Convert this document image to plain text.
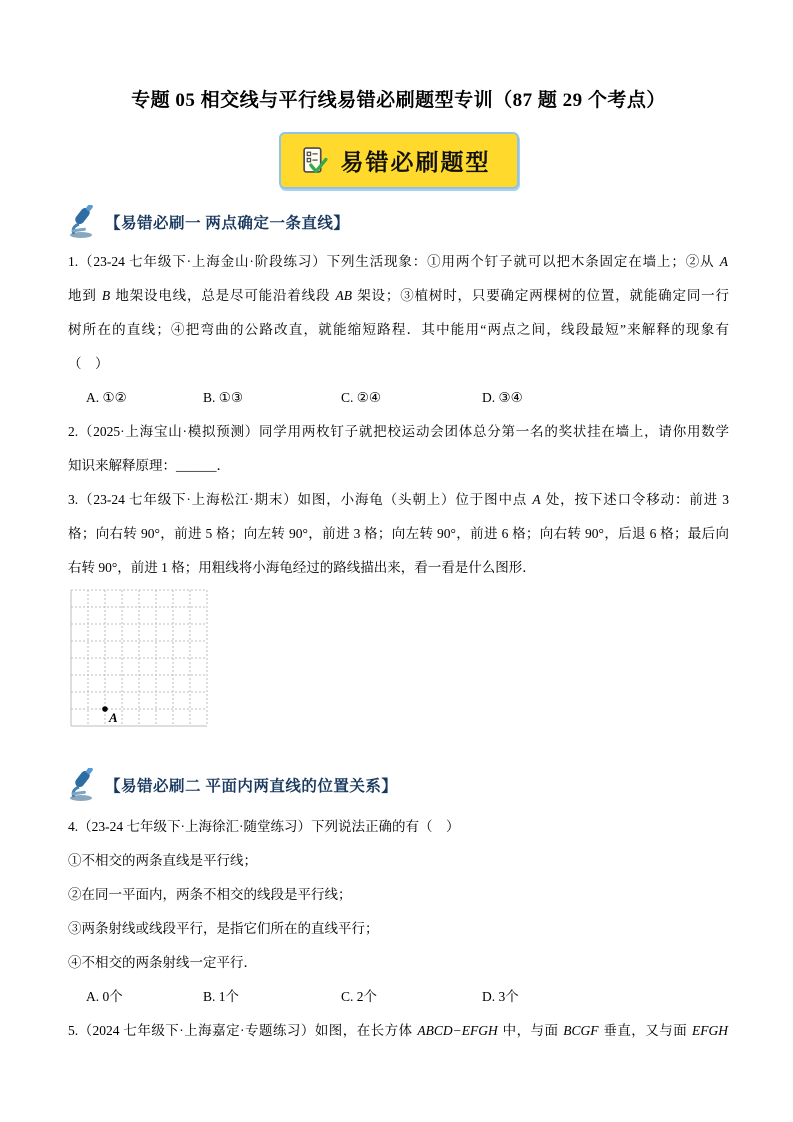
专题 05 相交线与平行线易错必刷题型专训（87 题 29 个考点）
易错必刷题型
【易错必刷一 两点确定一条直线】
1.（23-24 七年级下·上海金山·阶段练习）下列生活现象：①用两个钉子就可以把木条固定在墙上；②从 A
地到 B 地架设电线，总是尽可能沿着线段 AB 架设；③植树时，只要确定两棵树的位置，就能确定同一行
树所在的直线；④把弯曲的公路改直，就能缩短路程．其中能用“两点之间，线段最短”来解释的现象有
（　）
A. ①②	B. ①③	C. ②④	D. ③④
2.（2025·上海宝山·模拟预测）同学用两枚钉子就把校运动会团体总分第一名的奖状挂在墙上，请你用数学
知识来解释原理：______．
3.（23-24 七年级下·上海松江·期末）如图，小海龟（头朝上）位于图中点 A 处，按下述口令移动：前进 3
格；向右转 90°，前进 5 格；向左转 90°，前进 3 格；向左转 90°，前进 6 格；向右转 90°，后退 6 格；最后向
右转 90°，前进 1 格；用粗线将小海龟经过的路线描出来，看一看是什么图形．
A
【易错必刷二 平面内两直线的位置关系】
4.（23-24 七年级下·上海徐汇·随堂练习）下列说法正确的有（　）
①不相交的两条直线是平行线；
②在同一平面内，两条不相交的线段是平行线；
③两条射线或线段平行，是指它们所在的直线平行；
④不相交的两条射线一定平行．
A. 0个	B. 1个	C. 2个	D. 3个
5.（2024 七年级下·上海嘉定·专题练习）如图，在长方体 ABCD−EFGH 中，与面 BCGF 垂直，又与面 EFGH
